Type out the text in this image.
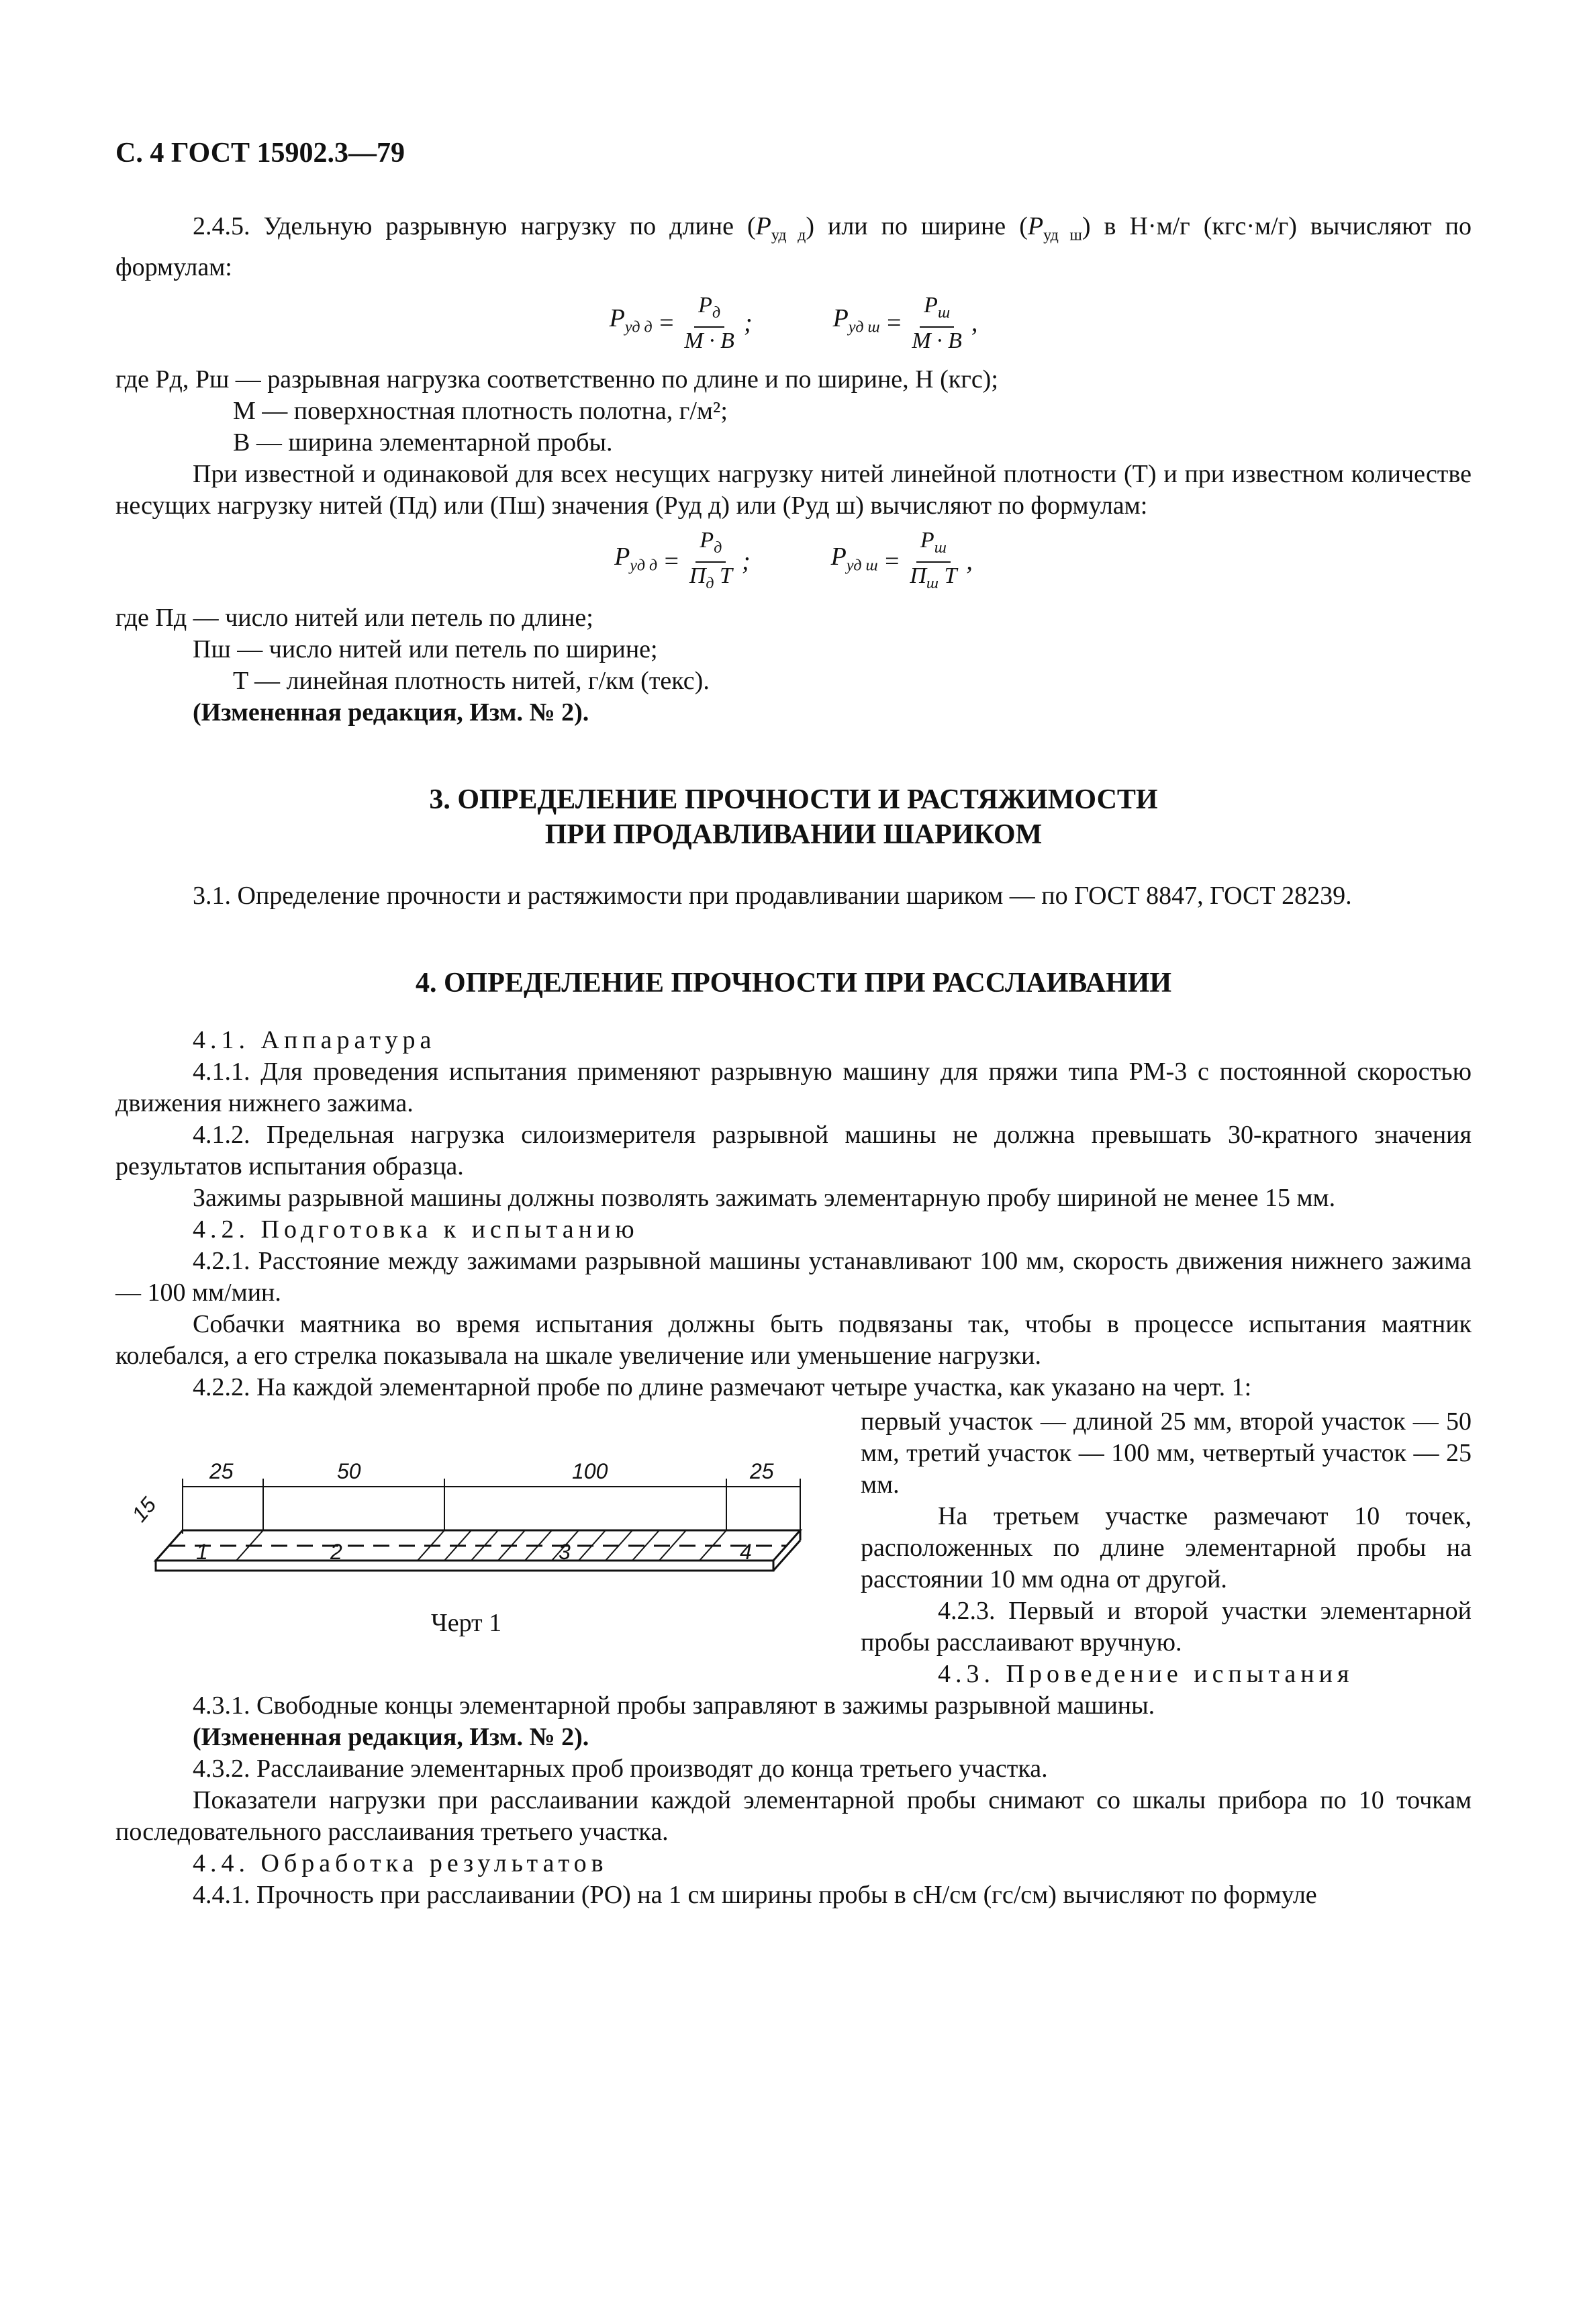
С. 4 ГОСТ 15902.3—79

2.4.5. Удельную разрывную нагрузку по длине $(P_{уд д})$ или по ширине $(P_{уд ш})$ в Н·м/г (кгс·м/г) вычисляют по формулам:

$P_{уд д} = \frac{P_д}{M \cdot B}$ ;	$P_{уд ш} = \frac{P_ш}{M \cdot B}$ ,

где Pд, Pш — разрывная нагрузка соответственно по длине и по ширине, Н (кгс);

M — поверхностная плотность полотна, г/м²;

B — ширина элементарной пробы.

При известной и одинаковой для всех несущих нагрузку нитей линейной плотности (T) и при известном количестве несущих нагрузку нитей (Пд) или (Пш) значения (Pуд д) или (Pуд ш) вычисляют по формулам:

$P_{уд д} = \frac{P_д}{П_д T}$ ;	$P_{уд ш} = \frac{P_ш}{П_ш T}$ ,

где Пд — число нитей или петель по длине;

Пш — число нитей или петель по ширине;

T — линейная плотность нитей, г/км (текс).

(Измененная редакция, Изм. № 2).

3. ОПРЕДЕЛЕНИЕ ПРОЧНОСТИ И РАСТЯЖИМОСТИ
ПРИ ПРОДАВЛИВАНИИ ШАРИКОМ

3.1. Определение прочности и растяжимости при продавливании шариком — по ГОСТ 8847, ГОСТ 28239.

4. ОПРЕДЕЛЕНИЕ ПРОЧНОСТИ ПРИ РАССЛАИВАНИИ

4.1. Аппаратура

4.1.1. Для проведения испытания применяют разрывную машину для пряжи типа РМ-3 с постоянной скоростью движения нижнего зажима.

4.1.2. Предельная нагрузка силоизмерителя разрывной машины не должна превышать 30-кратного значения результатов испытания образца.

Зажимы разрывной машины должны позволять зажимать элементарную пробу шириной не менее 15 мм.

4.2. Подготовка к испытанию

4.2.1. Расстояние между зажимами разрывной машины устанавливают 100 мм, скорость движения нижнего зажима — 100 мм/мин.

Собачки маятника во время испытания должны быть подвязаны так, чтобы в процессе испытания маятник колебался, а его стрелка показывала на шкале увеличение или уменьшение нагрузки.

4.2.2. На каждой элементарной пробе по длине размечают четыре участка, как указано на черт. 1:

25	50	100	25
15
1	2	3	4
Черт 1

первый участок — длиной 25 мм, второй участок — 50 мм, третий участок — 100 мм, четвертый участок — 25 мм.

На третьем участке размечают 10 точек, расположенных по длине элементарной пробы на расстоянии 10 мм одна от другой.

4.2.3. Первый и второй участки элементарной пробы расслаивают вручную.

4.3. Проведение испытания

4.3.1. Свободные концы элементарной пробы заправляют в зажимы разрывной машины.

(Измененная редакция, Изм. № 2).

4.3.2. Расслаивание элементарных проб производят до конца третьего участка.

Показатели нагрузки при расслаивании каждой элементарной пробы снимают со шкалы прибора по 10 точкам последовательного расслаивания третьего участка.

4.4. Обработка результатов

4.4.1. Прочность при расслаивании (PO) на 1 см ширины пробы в сН/см (гс/см) вычисляют по формуле
